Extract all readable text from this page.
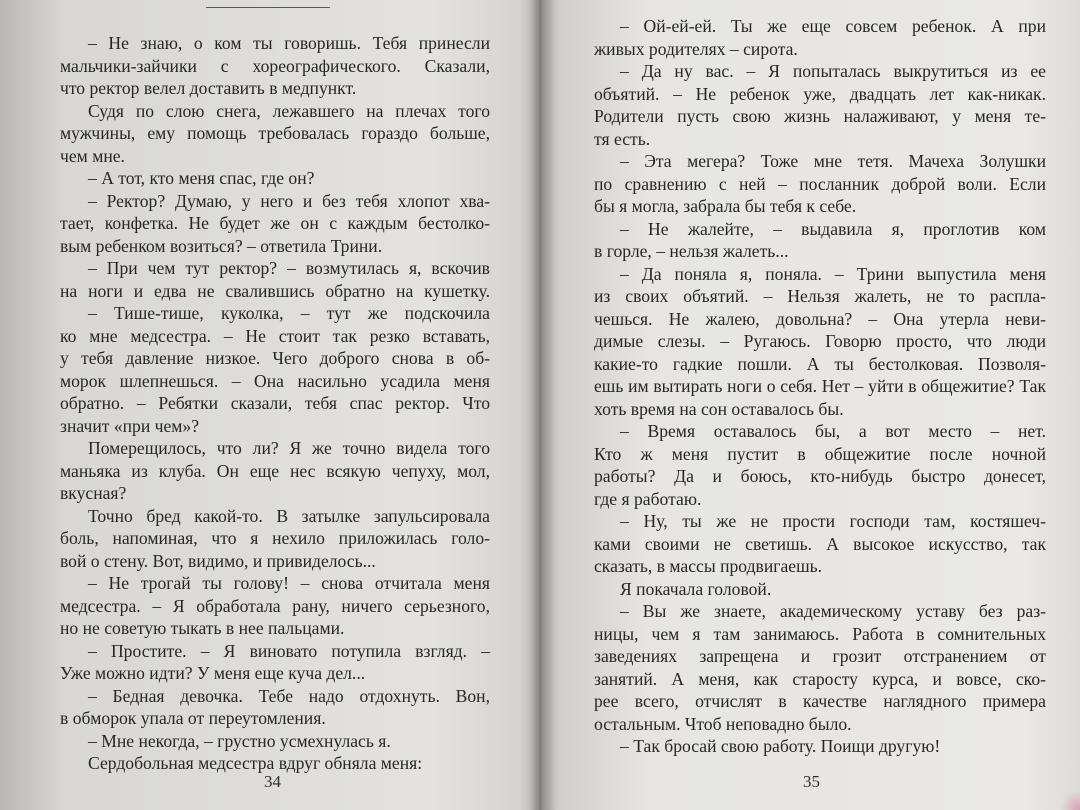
– Не знаю, о ком ты говоришь. Тебя принесли
мальчики-зайчики с хореографического. Сказали,
что ректор велел доставить в медпункт.
Судя по слою снега, лежавшего на плечах того
мужчины, ему помощь требовалась гораздо больше,
чем мне.
– А тот, кто меня спас, где он?
– Ректор? Думаю, у него и без тебя хлопот хва-
тает, конфетка. Не будет же он с каждым бестолко-
вым ребенком возиться? – ответила Трини.
– При чем тут ректор? – возмутилась я, вскочив
на ноги и едва не свалившись обратно на кушетку.
– Тише-тише, куколка, – тут же подскочила
ко мне медсестра. – Не стоит так резко вставать,
у тебя давление низкое. Чего доброго снова в об-
морок шлепнешься. – Она насильно усадила меня
обратно. – Ребятки сказали, тебя спас ректор. Что
значит «при чем»?
Померещилось, что ли? Я же точно видела того
маньяка из клуба. Он еще нес всякую чепуху, мол,
вкусная?
Точно бред какой-то. В затылке запульсировала
боль, напоминая, что я нехило приложилась голо-
вой о стену. Вот, видимо, и привиделось...
– Не трогай ты голову! – снова отчитала меня
медсестра. – Я обработала рану, ничего серьезного,
но не советую тыкать в нее пальцами.
– Простите. – Я виновато потупила взгляд. –
Уже можно идти? У меня еще куча дел...
– Бедная девочка. Тебе надо отдохнуть. Вон,
в обморок упала от переутомления.
– Мне некогда, – грустно усмехнулась я.
Сердобольная медсестра вдруг обняла меня:
34
– Ой-ей-ей. Ты же еще совсем ребенок. А при
живых родителях – сирота.
– Да ну вас. – Я попыталась выкрутиться из ее
объятий. – Не ребенок уже, двадцать лет как-никак.
Родители пусть свою жизнь налаживают, у меня те-
тя есть.
– Эта мегера? Тоже мне тетя. Мачеха Золушки
по сравнению с ней – посланник доброй воли. Если
бы я могла, забрала бы тебя к себе.
– Не жалейте, – выдавила я, проглотив ком
в горле, – нельзя жалеть...
– Да поняла я, поняла. – Трини выпустила меня
из своих объятий. – Нельзя жалеть, не то распла-
чешься. Не жалею, довольна? – Она утерла неви-
димые слезы. – Ругаюсь. Говорю просто, что люди
какие-то гадкие пошли. А ты бестолковая. Позволя-
ешь им вытирать ноги о себя. Нет – уйти в общежитие? Так
хоть время на сон оставалось бы.
– Время оставалось бы, а вот место – нет.
Кто ж меня пустит в общежитие после ночной
работы? Да и боюсь, кто-нибудь быстро донесет,
где я работаю.
– Ну, ты же не прости господи там, костяшеч-
ками своими не светишь. А высокое искусство, так
сказать, в массы продвигаешь.
Я покачала головой.
– Вы же знаете, академическому уставу без раз-
ницы, чем я там занимаюсь. Работа в сомнительных
заведениях запрещена и грозит отстранением от
занятий. А меня, как старосту курса, и вовсе, ско-
рее всего, отчислят в качестве наглядного примера
остальным. Чтоб неповадно было.
– Так бросай свою работу. Поищи другую!
35
